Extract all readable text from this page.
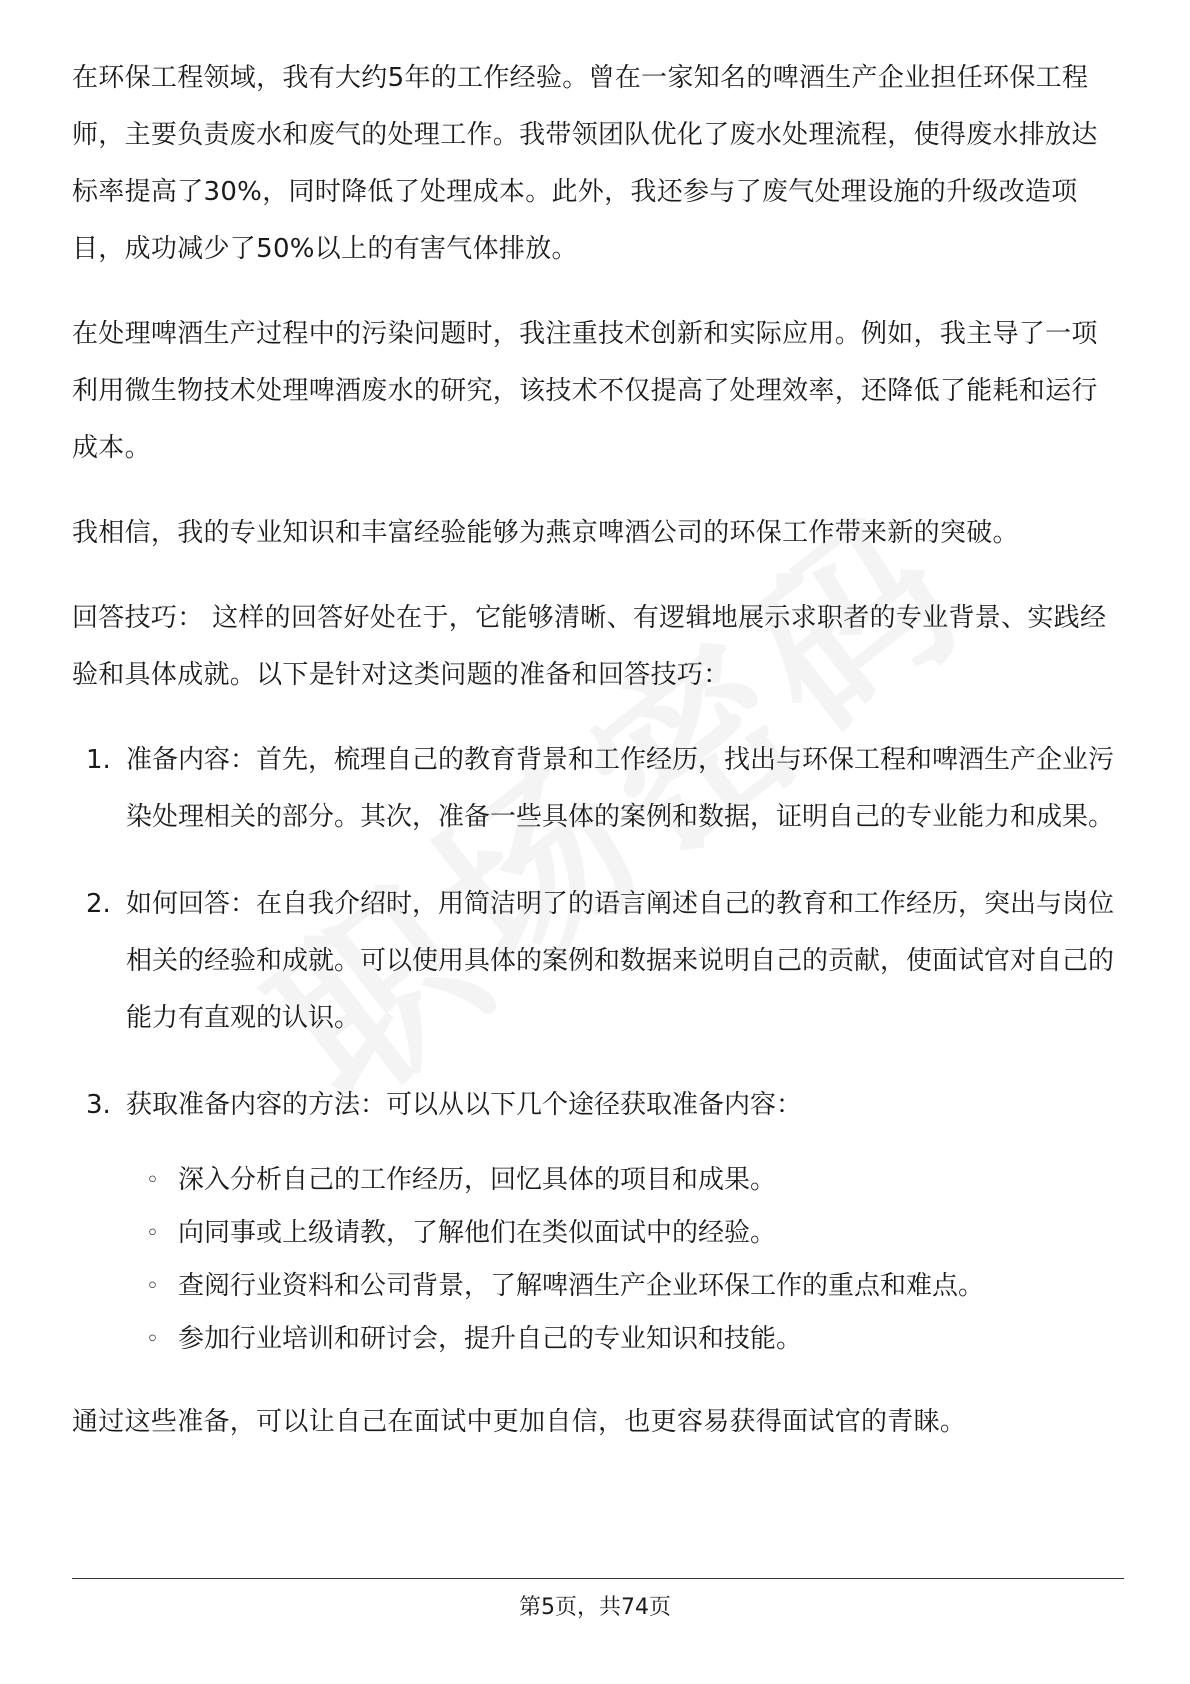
在环保工程领域，我有大约5年的工作经验。曾在一家知名的啤酒生产企业担任环保工程师，主要负责废水和废气的处理工作。我带领团队优化了废水处理流程，使得废水排放达标率提高了30%，同时降低了处理成本。此外，我还参与了废气处理设施的升级改造项目，成功减少了50%以上的有害气体排放。

在处理啤酒生产过程中的污染问题时，我注重技术创新和实际应用。例如，我主导了一项利用微生物技术处理啤酒废水的研究，该技术不仅提高了处理效率，还降低了能耗和运行成本。

我相信，我的专业知识和丰富经验能够为燕京啤酒公司的环保工作带来新的突破。

回答技巧： 这样的回答好处在于，它能够清晰、有逻辑地展示求职者的专业背景、实践经验和具体成就。以下是针对这类问题的准备和回答技巧：

1. 准备内容：首先，梳理自己的教育背景和工作经历，找出与环保工程和啤酒生产企业污染处理相关的部分。其次，准备一些具体的案例和数据，证明自己的专业能力和成果。
2. 如何回答：在自我介绍时，用简洁明了的语言阐述自己的教育和工作经历，突出与岗位相关的经验和成就。可以使用具体的案例和数据来说明自己的贡献，使面试官对自己的能力有直观的认识。
3. 获取准备内容的方法：可以从以下几个途径获取准备内容：
◦ 深入分析自己的工作经历，回忆具体的项目和成果。
◦ 向同事或上级请教，了解他们在类似面试中的经验。
◦ 查阅行业资料和公司背景，了解啤酒生产企业环保工作的重点和难点。
◦ 参加行业培训和研讨会，提升自己的专业知识和技能。

通过这些准备，可以让自己在面试中更加自信，也更容易获得面试官的青睐。

第5页，共74页
